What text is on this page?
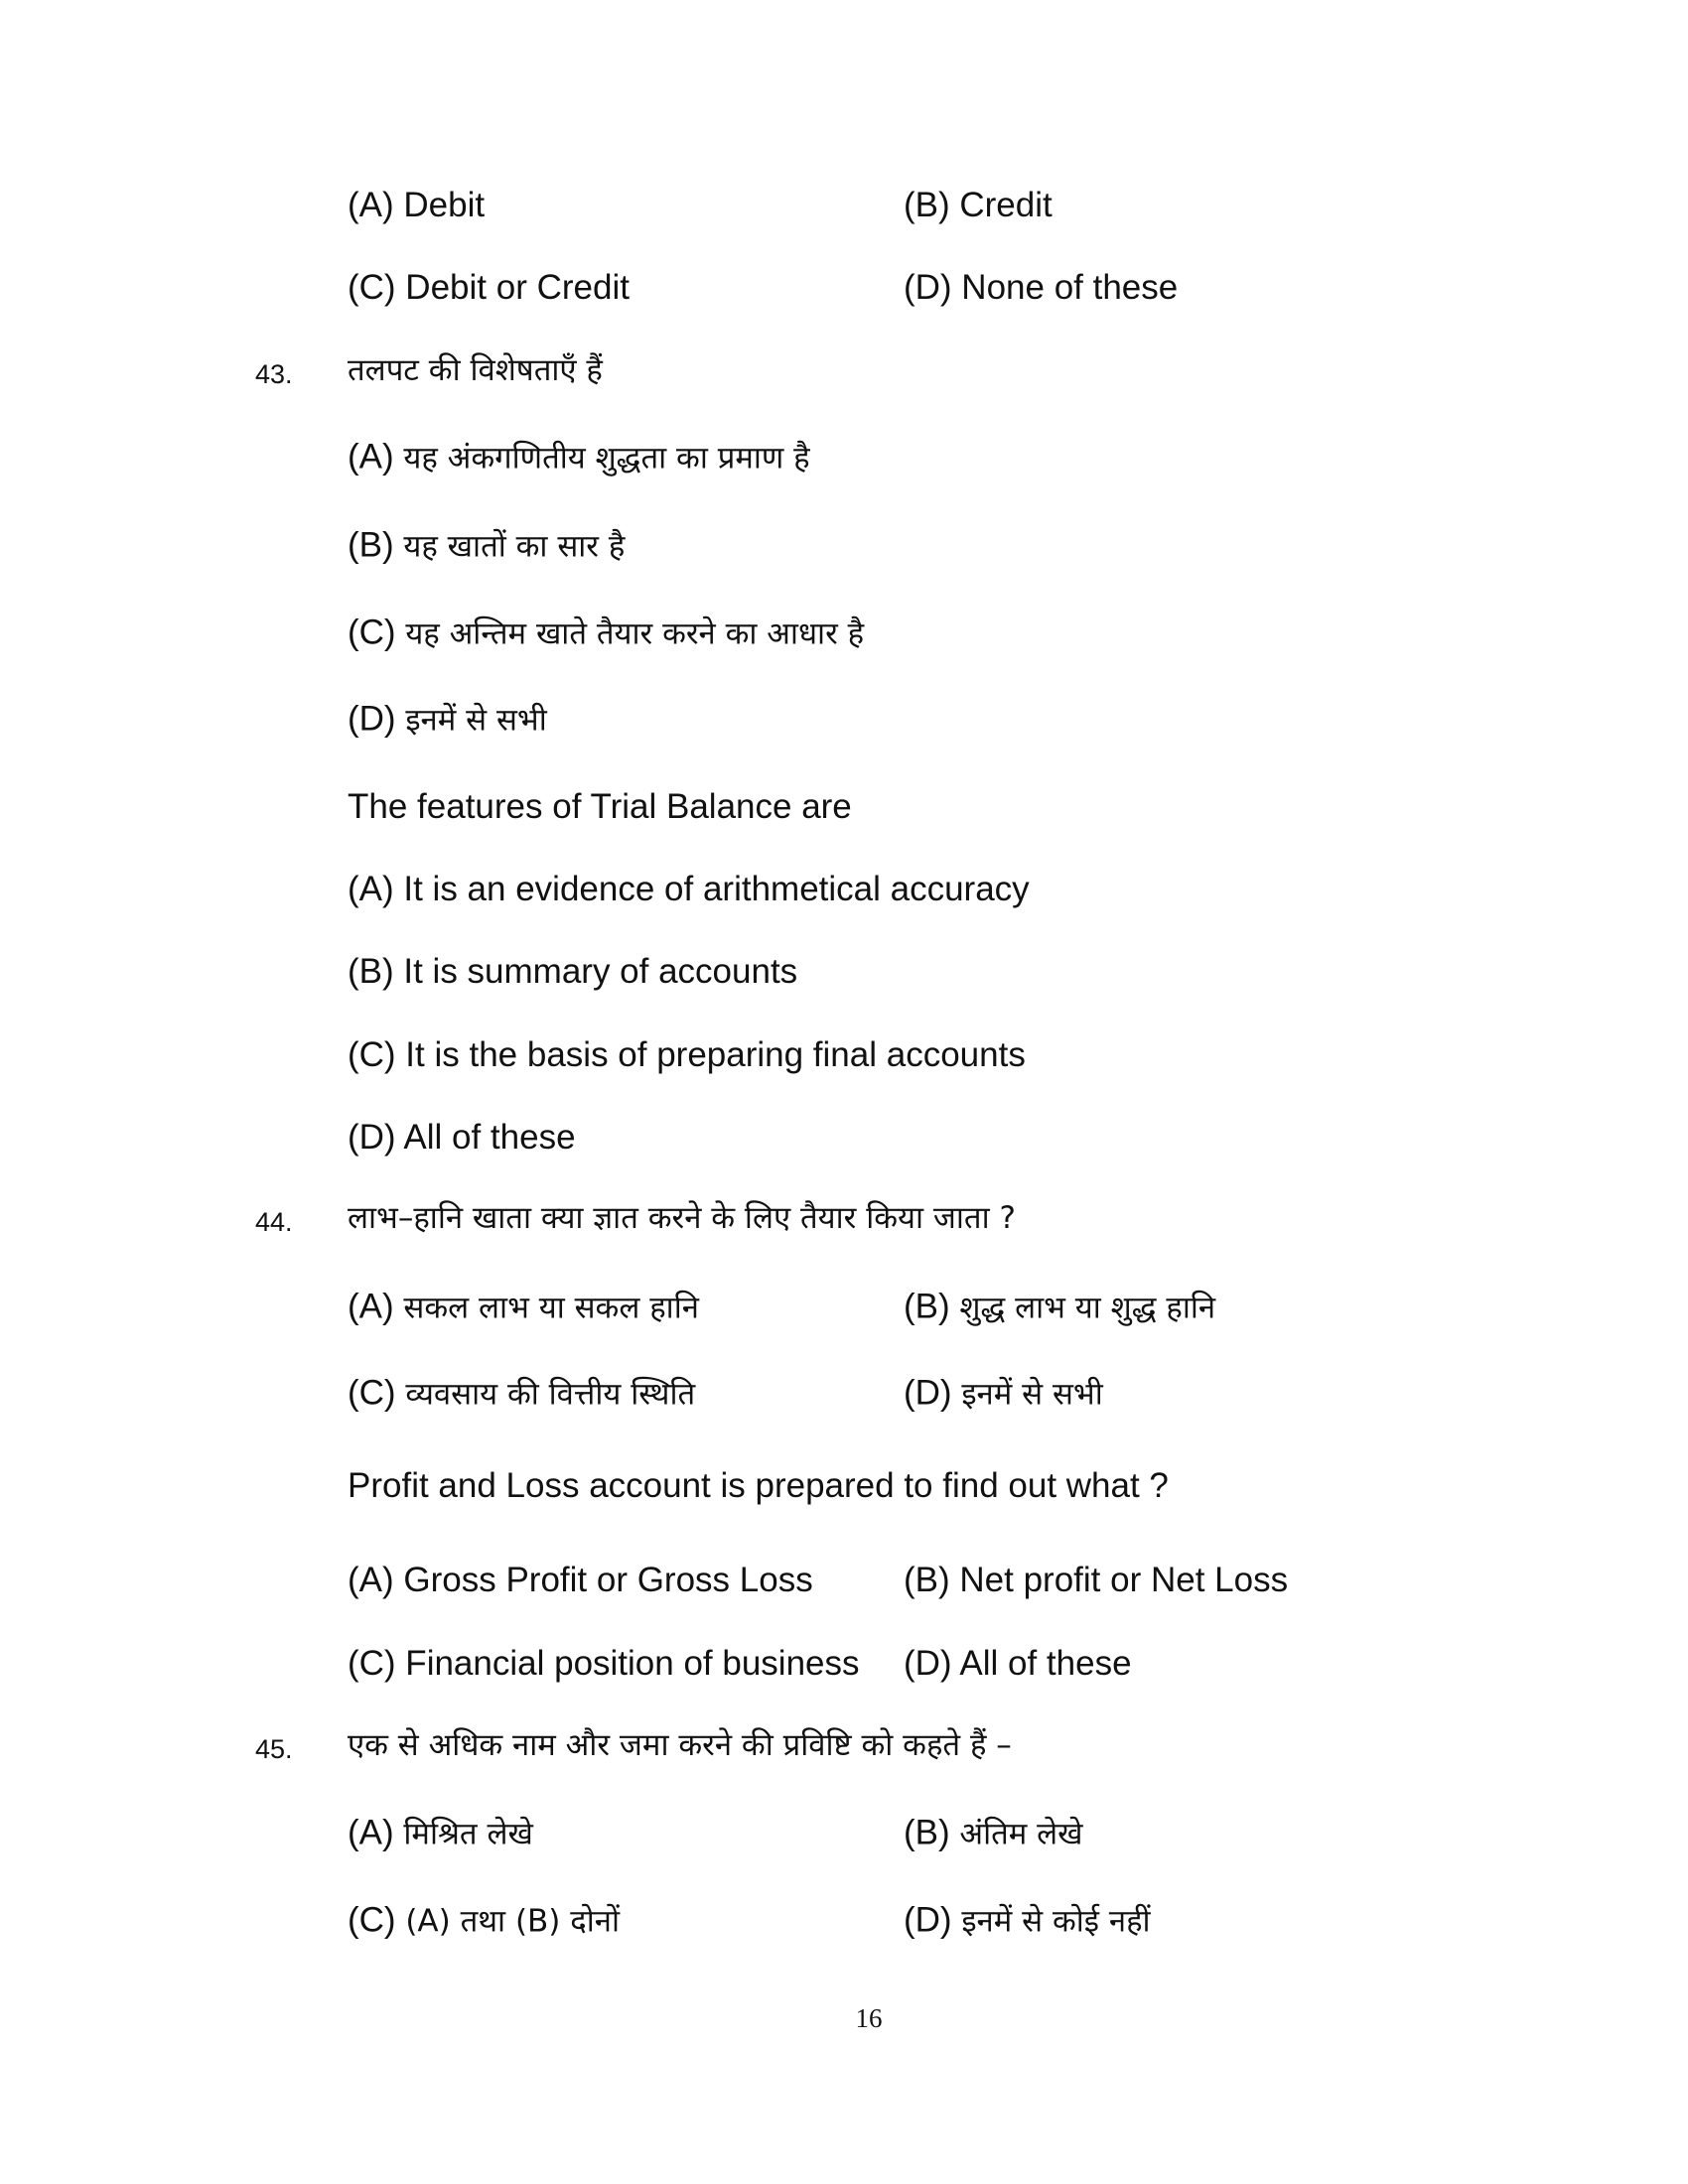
(A) Debit	(B) Credit
(C) Debit or Credit	(D) None of these
43. तलपट की विशेषताएँ हैं
(A) यह अंकगणितीय शुद्धता का प्रमाण है
(B) यह खातों का सार है
(C) यह अन्तिम खाते तैयार करने का आधार है
(D) इनमें से सभी
The features of Trial Balance are
(A) It is an evidence of arithmetical accuracy
(B) It is summary of accounts
(C) It is the basis of preparing final accounts
(D) All of these
44. लाभ–हानि खाता क्या ज्ञात करने के लिए तैयार किया जाता ?
(A) सकल लाभ या सकल हानि	(B) शुद्ध लाभ या शुद्ध हानि
(C) व्यवसाय की वित्तीय स्थिति	(D) इनमें से सभी
Profit and Loss account is prepared to find out what ?
(A) Gross Profit or Gross Loss	(B) Net profit or Net Loss
(C) Financial position of business (D) All of these
45. एक से अधिक नाम और जमा करने की प्रविष्टि को कहते हैं –
(A) मिश्रित लेखे	(B) अंतिम लेखे
(C) (A) तथा (B) दोनों	(D) इनमें से कोई नहीं
16
